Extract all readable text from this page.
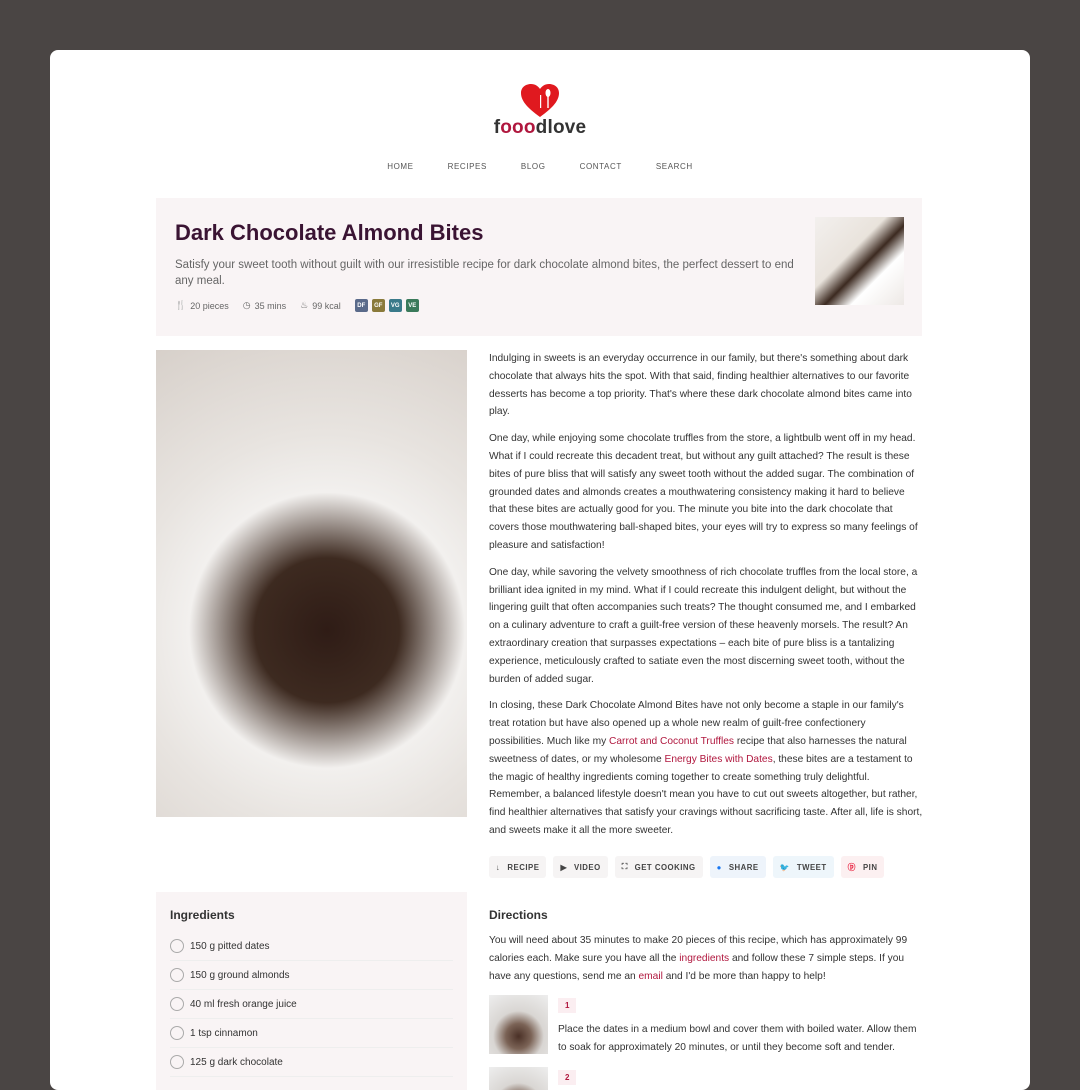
fooodlove
HOME	RECIPES	BLOG	CONTACT	SEARCH
Dark Chocolate Almond Bites

Satisfy your sweet tooth without guilt with our irresistible recipe for dark chocolate almond bites, the perfect dessert to end any meal.

🍴 20 pieces ◷ 35 mins ♨ 99 kcal	DF	GF	VG	VE

Indulging in sweets is an everyday occurrence in our family, but there's something about dark chocolate that always hits the spot. With that said, finding healthier alternatives to our favorite desserts has become a top priority. That's where these dark chocolate almond bites came into play.

One day, while enjoying some chocolate truffles from the store, a lightbulb went off in my head. What if I could recreate this decadent treat, but without any guilt attached? The result is these bites of pure bliss that will satisfy any sweet tooth without the added sugar. The combination of grounded dates and almonds creates a mouthwatering consistency making it hard to believe that these bites are actually good for you. The minute you bite into the dark chocolate that covers those mouthwatering ball-shaped bites, your eyes will try to express so many feelings of pleasure and satisfaction!

One day, while savoring the velvety smoothness of rich chocolate truffles from the local store, a brilliant idea ignited in my mind. What if I could recreate this indulgent delight, but without the lingering guilt that often accompanies such treats? The thought consumed me, and I embarked on a culinary adventure to craft a guilt-free version of these heavenly morsels. The result? An extraordinary creation that surpasses expectations – each bite of pure bliss is a tantalizing experience, meticulously crafted to satiate even the most discerning sweet tooth, without the burden of added sugar.

In closing, these Dark Chocolate Almond Bites have not only become a staple in our family's treat rotation but have also opened up a whole new realm of guilt-free confectionery possibilities. Much like my Carrot and Coconut Truffles recipe that also harnesses the natural sweetness of dates, or my wholesome Energy Bites with Dates, these bites are a testament to the magic of healthy ingredients coming together to create something truly delightful. Remember, a balanced lifestyle doesn't mean you have to cut out sweets altogether, but rather, find healthier alternatives that satisfy your cravings without sacrificing taste. After all, life is short, and sweets make it all the more sweeter.

↓ RECIPE	▶ VIDEO	⛶ GET COOKING	● SHARE	🐦 TWEET	ⓟ PIN
Ingredients
150 g pitted dates
150 g ground almonds
40 ml fresh orange juice
1 tsp cinnamon
125 g dark chocolate
Directions

You will need about 35 minutes to make 20 pieces of this recipe, which has approximately 99 calories each. Make sure you have all the ingredients and follow these 7 simple steps. If you have any questions, send me an email and I'd be more than happy to help!

1
Place the dates in a medium bowl and cover them with boiled water. Allow them to soak for approximately 20 minutes, or until they become soft and tender.
2
